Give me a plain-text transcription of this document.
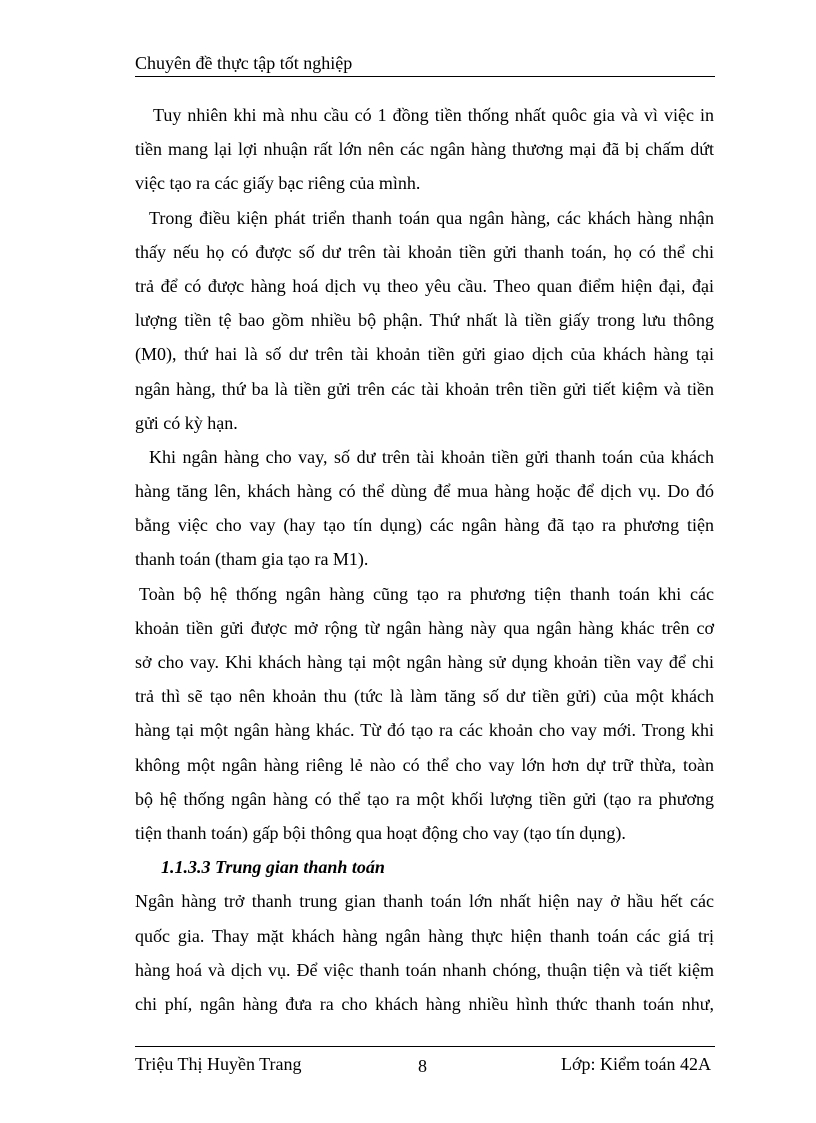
Chuyên đề thực tập tốt nghiệp
Tuy nhiên khi mà nhu cầu có 1 đồng tiền thống nhất quôc gia và vì việc in
tiền mang lại lợi nhuận rất lớn nên các ngân hàng thương mại đã bị chấm dứt
việc tạo ra các giấy bạc riêng của mình.
Trong điều kiện phát triển thanh toán qua ngân hàng, các khách hàng nhận
thấy nếu họ có được số dư trên tài khoản tiền gửi thanh toán, họ có thể chi
trả để có được hàng hoá dịch vụ theo yêu cầu. Theo quan điểm hiện đại, đại
lượng tiền tệ bao gồm nhiều bộ phận. Thứ nhất là tiền giấy trong lưu thông
(M0), thứ hai là số dư trên tài khoản tiền gửi giao dịch của khách hàng tại
ngân hàng, thứ ba là tiền gửi trên các tài khoản trên tiền gửi tiết kiệm và tiền
gửi có kỳ hạn.
Khi ngân hàng cho vay, số dư trên tài khoản tiền gửi thanh toán của khách
hàng tăng lên, khách hàng có thể dùng để mua hàng hoặc để dịch vụ. Do đó
bằng việc cho vay (hay tạo tín dụng) các ngân hàng đã tạo ra phương tiện
thanh toán (tham gia tạo ra M1).
Toàn bộ hệ thống ngân hàng cũng tạo ra phương tiện thanh toán khi các
khoản tiền gửi được mở rộng từ ngân hàng này qua ngân hàng khác trên cơ
sở cho vay. Khi khách hàng tại một ngân hàng sử dụng khoản tiền vay để chi
trả thì sẽ tạo nên khoản thu (tức là làm tăng số dư tiền gửi) của một khách
hàng tại một ngân hàng khác. Từ đó tạo ra các khoản cho vay mới. Trong khi
không một ngân hàng riêng lẻ nào có thể cho vay lớn hơn dự trữ thừa, toàn
bộ hệ thống ngân hàng có thể tạo ra một khối lượng tiền gửi (tạo ra phương
tiện thanh toán) gấp bội thông qua hoạt động cho vay (tạo tín dụng).
1.1.3.3 Trung gian thanh toán
Ngân hàng trở thanh trung gian thanh toán lớn nhất hiện nay ở hầu hết các
quốc gia. Thay mặt khách hàng ngân hàng thực hiện thanh toán các giá trị
hàng hoá và dịch vụ. Để việc thanh toán nhanh chóng, thuận tiện và tiết kiệm
chi phí, ngân hàng đưa ra cho khách hàng nhiều hình thức thanh toán như,
Triệu Thị Huyền Trang	8	Lớp: Kiểm toán 42A
